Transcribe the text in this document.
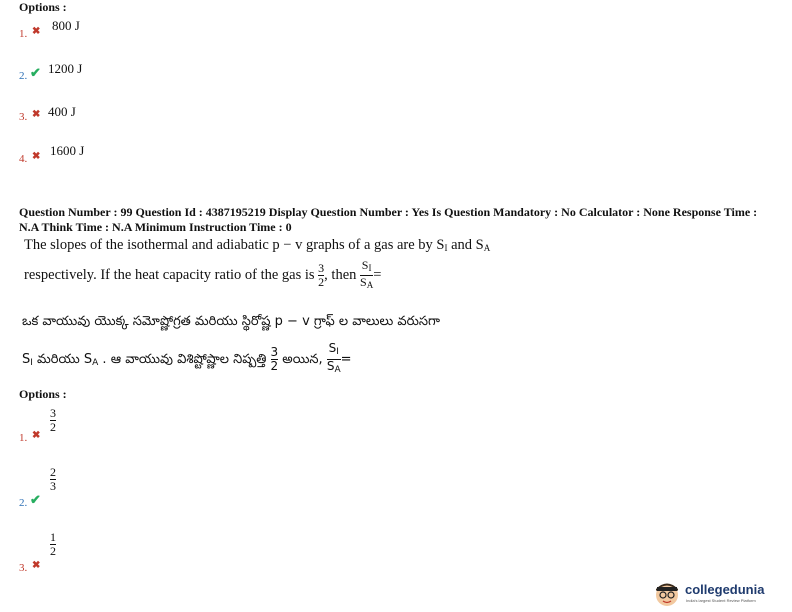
Options :
1. ✖ 800 J
2. ✔ 1200 J
3. ✖ 400 J
4. ✖ 1600 J
Question Number : 99 Question Id : 4387195219 Display Question Number : Yes Is Question Mandatory : No Calculator : None Response Time :
N.A Think Time : N.A Minimum Instruction Time : 0
The slopes of the isothermal and adiabatic p − v graphs of a gas are by $S_I$ and $S_A$
respectively. If the heat capacity ratio of the gas is $\frac{3}{2}$ , then $\frac{S_I}{S_A}$ =
ఒక వాయువు యొక్క సమోష్ణోగ్రత మరియు స్థిరోష్ణ p − v గ్రాఫ్ ల వాలులు వరుసగా
$S_I$ మరియు $S_A$ . ఆ వాయువు విశిష్టోష్ణాల నిష్పత్తి $\frac{3}{2}$ అయిన, $\frac{S_I}{S_A}$ =
Options :
1. ✖
3
2
2. ✔
2
3
3. ✖
1
2
collegedunia
India's largest Student Review Platform
